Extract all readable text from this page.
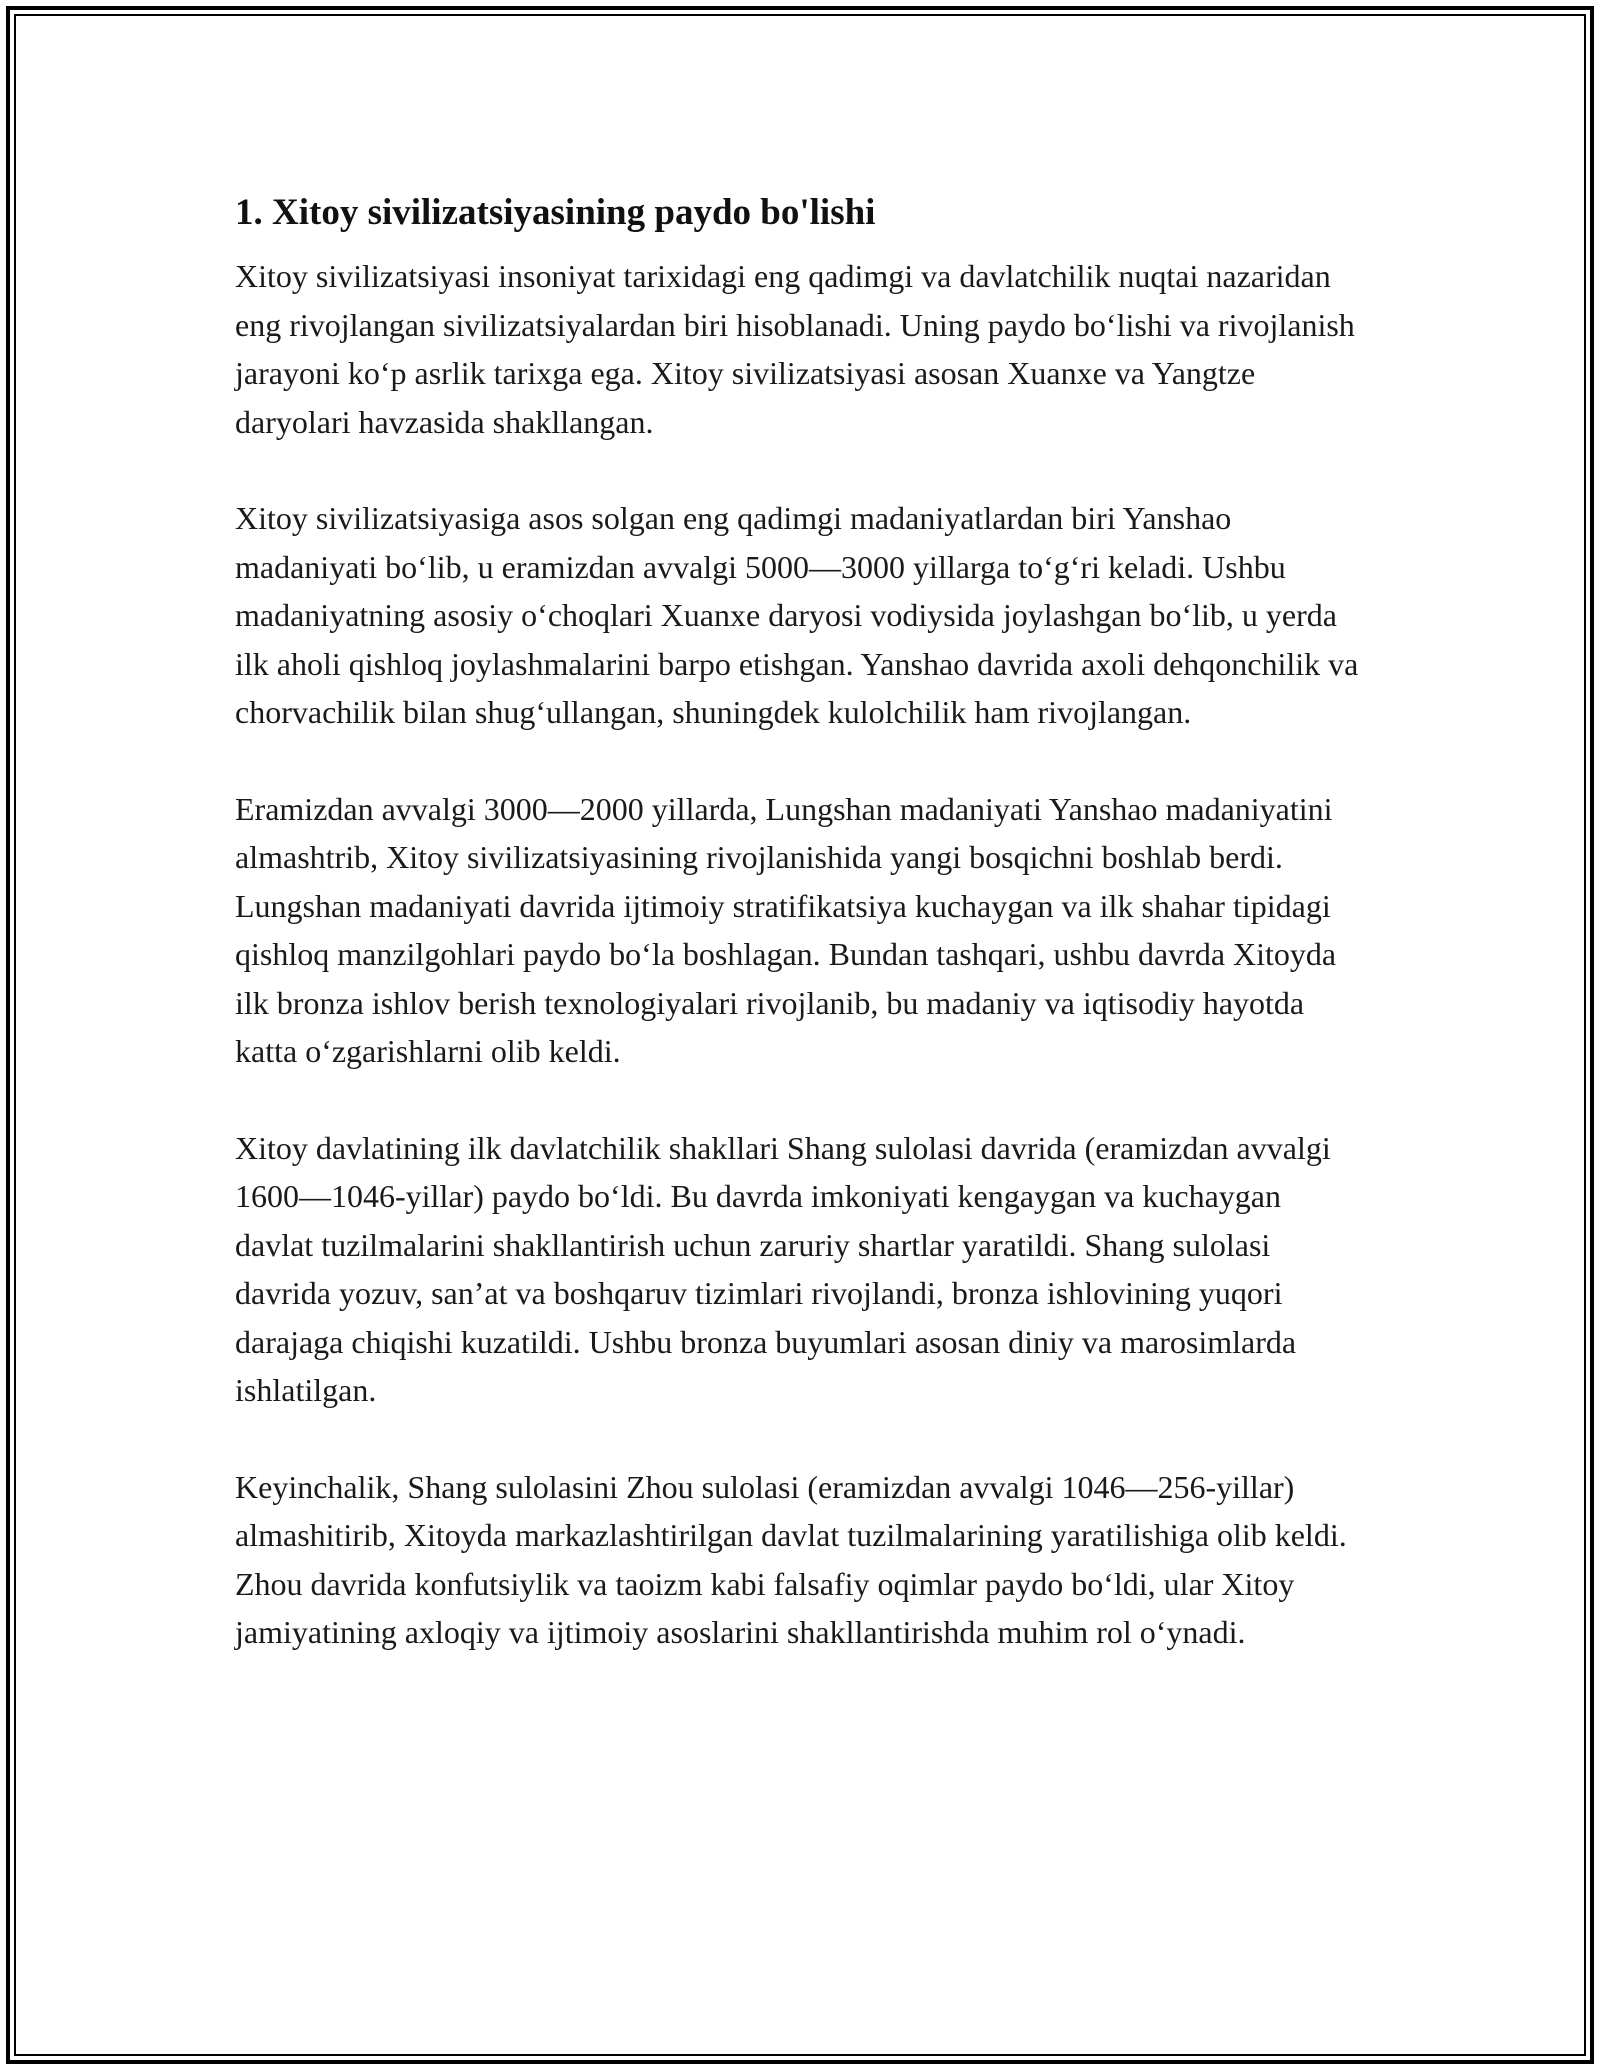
1. Xitoy sivilizatsiyasining paydo bo'lishi

Xitoy sivilizatsiyasi insoniyat tarixidagi eng qadimgi va davlatchilik nuqtai nazaridan eng rivojlangan sivilizatsiyalardan biri hisoblanadi. Uning paydo bo‘lishi va rivojlanish jarayoni ko‘p asrlik tarixga ega. Xitoy sivilizatsiyasi asosan Xuanxe va Yangtze daryolari havzasida shakllangan.

Xitoy sivilizatsiyasiga asos solgan eng qadimgi madaniyatlardan biri Yanshao madaniyati bo‘lib, u eramizdan avvalgi 5000—3000 yillarga to‘g‘ri keladi. Ushbu madaniyatning asosiy o‘choqlari Xuanxe daryosi vodiysida joylashgan bo‘lib, u yerda ilk aholi qishloq joylashmalarini barpo etishgan. Yanshao davrida axoli dehqonchilik va chorvachilik bilan shug‘ullangan, shuningdek kulolchilik ham rivojlangan.

Eramizdan avvalgi 3000—2000 yillarda, Lungshan madaniyati Yanshao madaniyatini almashtrib, Xitoy sivilizatsiyasining rivojlanishida yangi bosqichni boshlab berdi. Lungshan madaniyati davrida ijtimoiy stratifikatsiya kuchaygan va ilk shahar tipidagi qishloq manzilgohlari paydo bo‘la boshlagan. Bundan tashqari, ushbu davrda Xitoyda ilk bronza ishlov berish texnologiyalari rivojlanib, bu madaniy va iqtisodiy hayotda katta o‘zgarishlarni olib keldi.

Xitoy davlatining ilk davlatchilik shakllari Shang sulolasi davrida (eramizdan avvalgi 1600—1046-yillar) paydo bo‘ldi. Bu davrda imkoniyati kengaygan va kuchaygan davlat tuzilmalarini shakllantirish uchun zaruriy shartlar yaratildi. Shang sulolasi davrida yozuv, san’at va boshqaruv tizimlari rivojlandi, bronza ishlovining yuqori darajaga chiqishi kuzatildi. Ushbu bronza buyumlari asosan diniy va marosimlarda ishlatilgan.

Keyinchalik, Shang sulolasini Zhou sulolasi (eramizdan avvalgi 1046—256-yillar) almashitirib, Xitoyda markazlashtirilgan davlat tuzilmalarining yaratilishiga olib keldi. Zhou davrida konfutsiylik va taoizm kabi falsafiy oqimlar paydo bo‘ldi, ular Xitoy jamiyatining axloqiy va ijtimoiy asoslarini shakllantirishda muhim rol o‘ynadi.
